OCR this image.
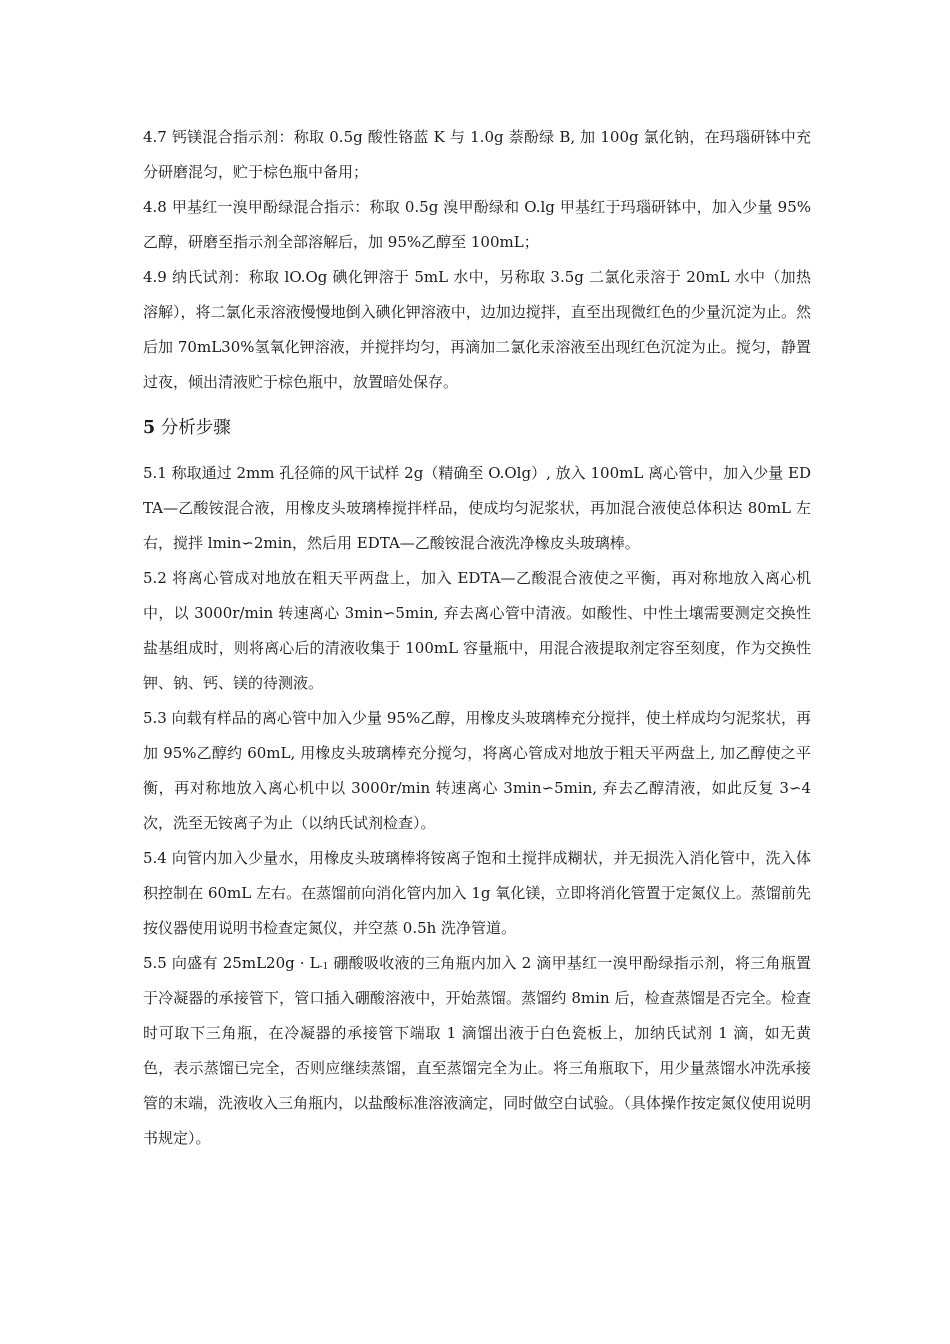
4.7 钙镁混合指示剂：称取 0.5g 酸性铬蓝 K 与 1.0g 萘酚绿 B, 加 100g 氯化钠，在玛瑙研钵中充分研磨混匀，贮于棕色瓶中备用；

4.8 甲基红一溴甲酚绿混合指示：称取 0.5g 溴甲酚绿和 O.lg 甲基红于玛瑙研钵中，加入少量 95%乙醇，研磨至指示剂全部溶解后，加 95%乙醇至 100mL；

4.9 纳氏试剂：称取 lO.Og 碘化钾溶于 5mL 水中，另称取 3.5g 二氯化汞溶于 20mL 水中（加热溶解），将二氯化汞溶液慢慢地倒入碘化钾溶液中，边加边搅拌，直至出现微红色的少量沉淀为止。然后加 70mL30%氢氧化钾溶液，并搅拌均匀，再滴加二氯化汞溶液至出现红色沉淀为止。搅匀，静置过夜，倾出清液贮于棕色瓶中，放置暗处保存。

5 分析步骤

5.1 称取通过 2mm 孔径筛的风干试样 2g（精确至 O.Olg）, 放入 100mL 离心管中，加入少量 EDTA—乙酸铵混合液，用橡皮头玻璃棒搅拌样品，使成均匀泥浆状，再加混合液使总体积达 80mL 左右，搅拌 lmin∽2min，然后用 EDTA—乙酸铵混合液洗净橡皮头玻璃棒。

5.2 将离心管成对地放在粗天平两盘上，加入 EDTA—乙酸混合液使之平衡，再对称地放入离心机中，以 3000r/min 转速离心 3min∽5min, 弃去离心管中清液。如酸性、中性土壤需要测定交换性盐基组成时，则将离心后的清液收集于 100mL 容量瓶中，用混合液提取剂定容至刻度，作为交换性钾、钠、钙、镁的待测液。

5.3 向载有样品的离心管中加入少量 95%乙醇，用橡皮头玻璃棒充分搅拌，使土样成均匀泥浆状，再加 95%乙醇约 60mL, 用橡皮头玻璃棒充分搅匀，将离心管成对地放于粗天平两盘上, 加乙醇使之平衡，再对称地放入离心机中以 3000r/min 转速离心 3min∽5min, 弃去乙醇清液，如此反复 3∽4 次，洗至无铵离子为止（以纳氏试剂检查）。

5.4 向管内加入少量水，用橡皮头玻璃棒将铵离子饱和土搅拌成糊状，并无损洗入消化管中，洗入体积控制在 60mL 左右。在蒸馏前向消化管内加入 1g 氧化镁，立即将消化管置于定氮仪上。蒸馏前先按仪器使用说明书检查定氮仪，并空蒸 0.5h 洗净管道。

5.5 向盛有 $25mL20g \cdot L_{-1}$ 硼酸吸收液的三角瓶内加入 2 滴甲基红一溴甲酚绿指示剂，将三角瓶置于冷凝器的承接管下，管口插入硼酸溶液中，开始蒸馏。蒸馏约 8min 后，检查蒸馏是否完全。检查时可取下三角瓶，在冷凝器的承接管下端取 1 滴馏出液于白色瓷板上，加纳氏试剂 1 滴，如无黄色，表示蒸馏已完全，否则应继续蒸馏，直至蒸馏完全为止。将三角瓶取下，用少量蒸馏水冲洗承接管的末端，洗液收入三角瓶内，以盐酸标准溶液滴定，同时做空白试验。（具体操作按定氮仪使用说明书规定）。
